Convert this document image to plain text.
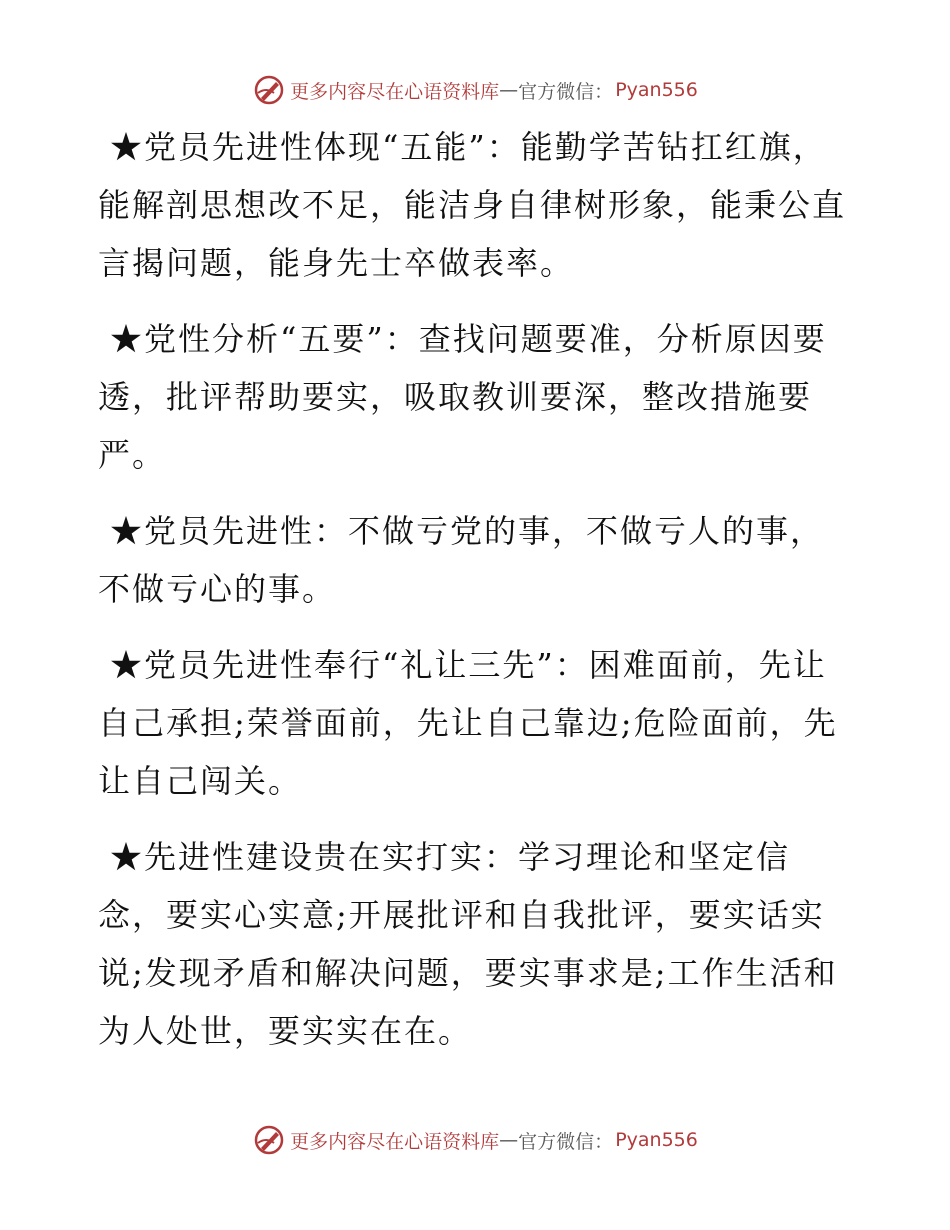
更多内容尽在心语资料库 — 官方微信： Pyan556

★党员先进性体现“五能”：能勤学苦钻扛红旗，能解剖思想改不足，能洁身自律树形象，能秉公直言揭问题，能身先士卒做表率。

★党性分析“五要”：查找问题要准，分析原因要透，批评帮助要实，吸取教训要深，整改措施要严。

★党员先进性：不做亏党的事，不做亏人的事，不做亏心的事。

★党员先进性奉行“礼让三先”：困难面前，先让自己承担;荣誉面前，先让自己靠边;危险面前，先让自己闯关。

★先进性建设贵在实打实：学习理论和坚定信念，要实心实意;开展批评和自我批评，要实话实说;发现矛盾和解决问题，要实事求是;工作生活和为人处世，要实实在在。

更多内容尽在心语资料库 — 官方微信： Pyan556
